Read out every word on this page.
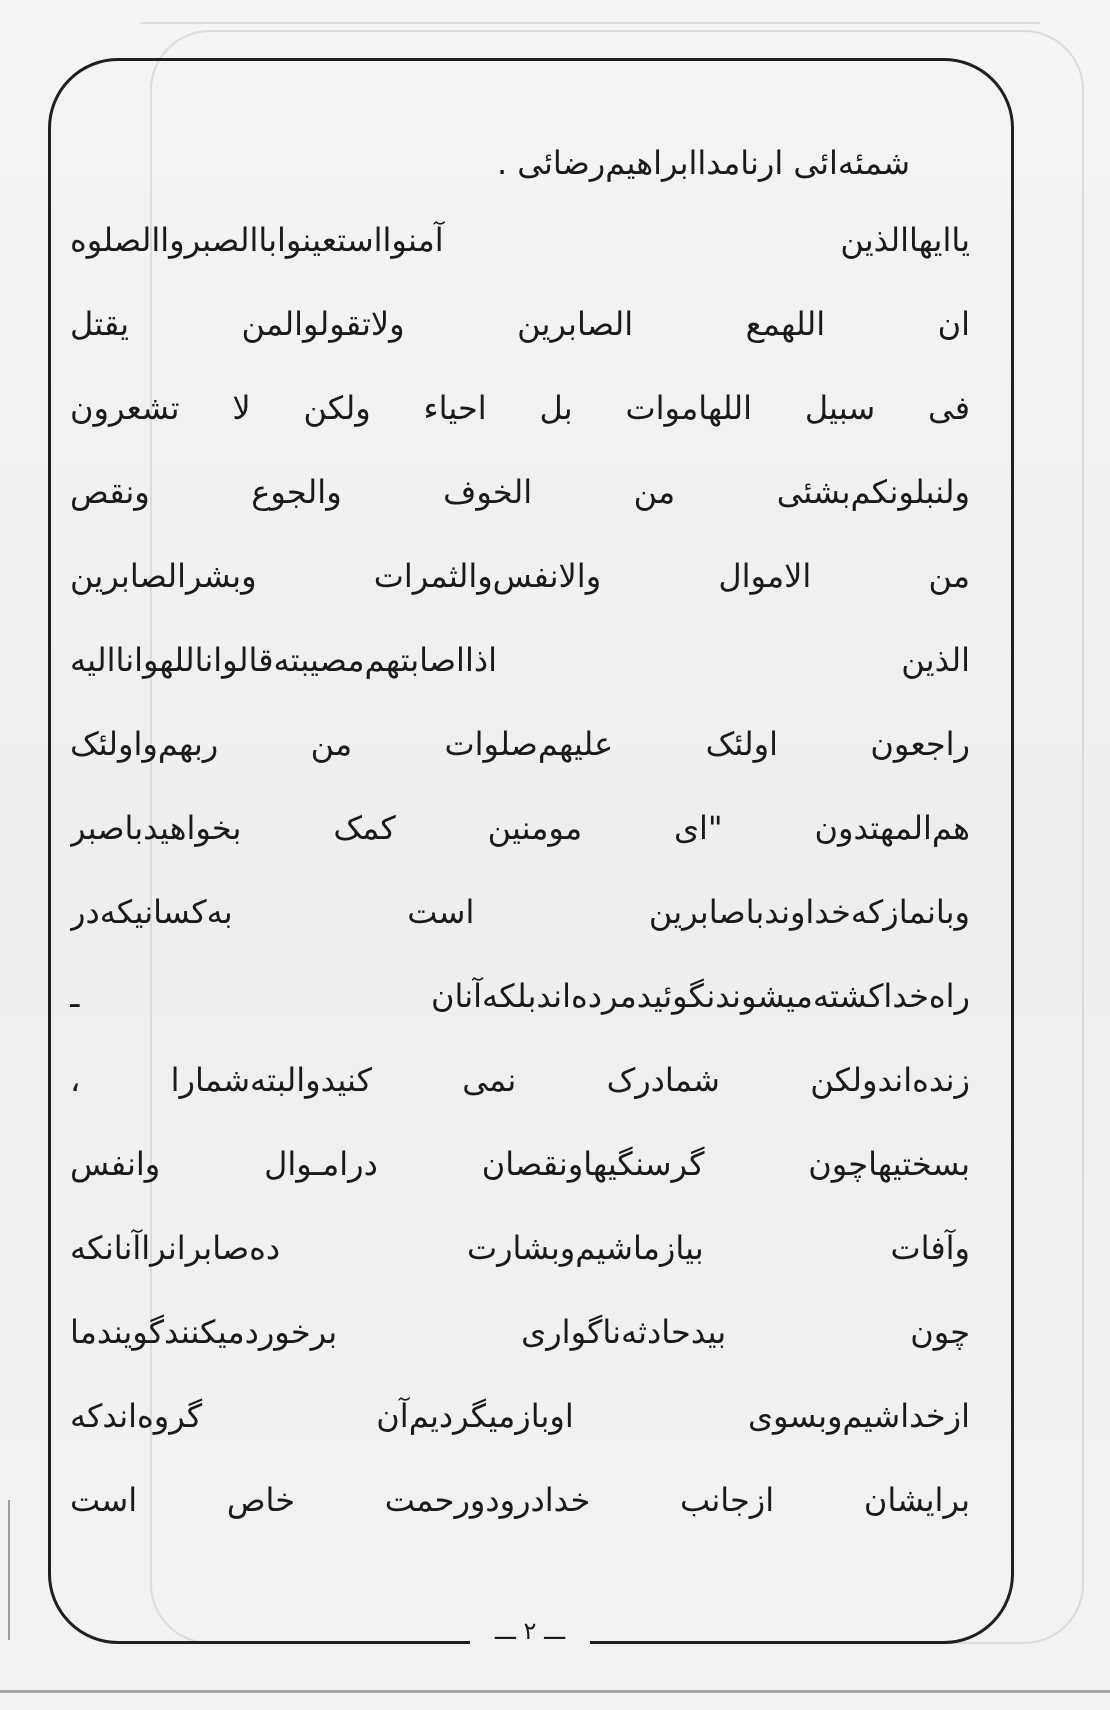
شمئه‌ائی ارنامداابراهیم‌رضائی .
یاایهاالذین آمنوااستعینواباالصبرواالصلوه
ان اللهمع الصابرین ولاتقولوالمن یقتل
فی سبیل اللهاموات بل احیاء ولکن لا تشعرون
ولنبلونکم‌بشئی من الخوف والجوع ونقص
من الاموال والانفس‌والثمرات وبشرالصابرین
الذین اذااصابتهم‌مصیبته‌قالواناللهواناالیه
راجعون اولئک علیهم‌صلوات من ربهم‌واولئک
هم‌المهتدون "ای مومنین کمک بخواهیدباصبر
وبانمازکه‌خداوندباصابرین است به‌کسانیکه‌در
راه‌خداکشته‌میشوندنگوئیدمرده‌اندبلکه‌آنان ـ
زنده‌اندولکن شمادرک نمی کنیدوالبته‌شمارا ،
بسختیهاچون گرسنگیهاونقصان درامـوال وانفس
وآفات بیازماشیم‌وبشارت ده‌صابرانراآنانکه
چون بیدحادثه‌ناگواری برخوردمیکنندگویندما
ازخداشیم‌وبسوی اوبازمیگردیم‌آن گروه‌اندکه
برایشان ازجانب خدادرودورحمت خاص است
ـــ ۲ ـــ
